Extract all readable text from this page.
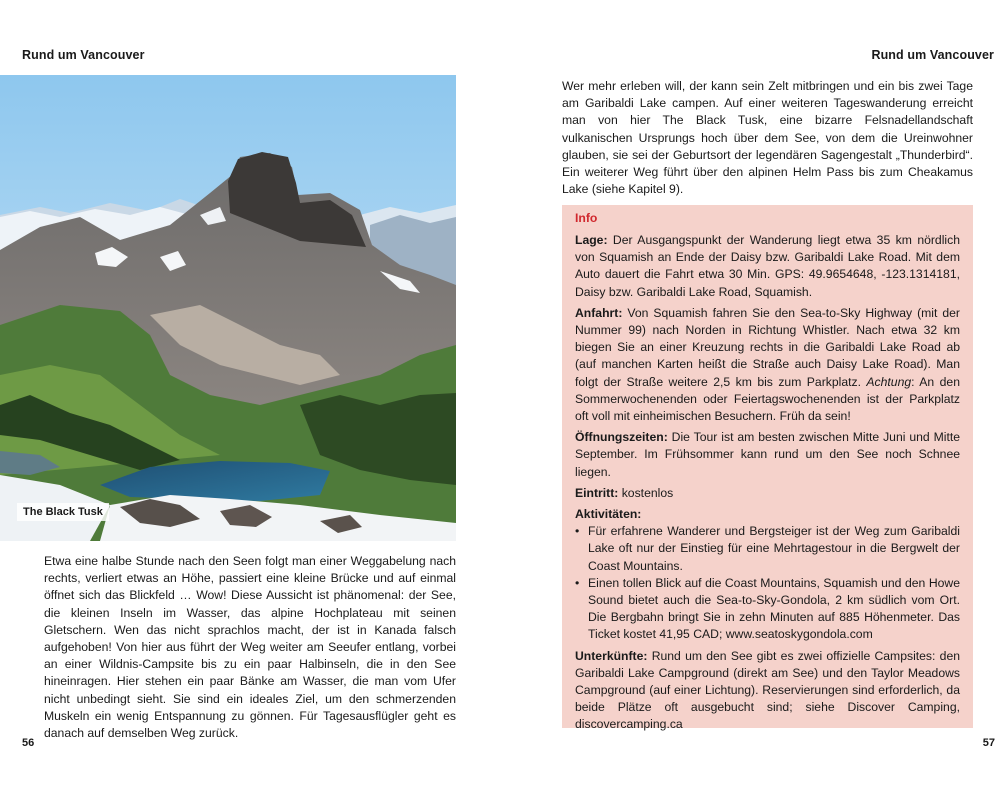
Rund um Vancouver	Rund um Vancouver
The Black Tusk

Etwa eine halbe Stunde nach den Seen folgt man einer Weggabelung nach rechts, verliert etwas an Höhe, passiert eine kleine Brücke und auf einmal öffnet sich das Blickfeld … Wow! Diese Aussicht ist phänomenal: der See, die kleinen Inseln im Wasser, das alpine Hochplateau mit seinen Gletschern. Wen das nicht sprachlos macht, der ist in Kanada falsch aufgehoben! Von hier aus führt der Weg weiter am Seeufer entlang, vorbei an einer Wildnis-Campsite bis zu ein paar Halbinseln, die in den See hineinragen. Hier stehen ein paar Bänke am Wasser, die man vom Ufer nicht unbedingt sieht. Sie sind ein ideales Ziel, um den schmerzenden Muskeln ein wenig Entspannung zu gönnen. Für Tagesausflügler geht es danach auf demselben Weg zurück.

Wer mehr erleben will, der kann sein Zelt mitbringen und ein bis zwei Tage am Garibaldi Lake campen. Auf einer weiteren Tageswanderung erreicht man von hier The Black Tusk, eine bizarre Felsnadellandschaft vulkanischen Ursprungs hoch über dem See, von dem die Ureinwohner glauben, sie sei der Geburtsort der legendären Sagengestalt „Thunderbird“. Ein weiterer Weg führt über den alpinen Helm Pass bis zum Cheakamus Lake (siehe Kapitel 9).

Info

Lage: Der Ausgangspunkt der Wanderung liegt etwa 35 km nördlich von Squamish an Ende der Daisy bzw. Garibaldi Lake Road. Mit dem Auto dauert die Fahrt etwa 30 Min. GPS: 49.9654648, -123.1314181, Daisy bzw. Garibaldi Lake Road, Squamish.

Anfahrt: Von Squamish fahren Sie den Sea-to-Sky Highway (mit der Nummer 99) nach Norden in Richtung Whistler. Nach etwa 32 km biegen Sie an einer Kreuzung rechts in die Garibaldi Lake Road ab (auf manchen Karten heißt die Straße auch Daisy Lake Road). Man folgt der Straße weitere 2,5 km bis zum Parkplatz. Achtung: An den Sommerwochenenden oder Feiertagswochenenden ist der Parkplatz oft voll mit einheimischen Besuchern. Früh da sein!

Öffnungszeiten: Die Tour ist am besten zwischen Mitte Juni und Mitte September. Im Frühsommer kann rund um den See noch Schnee liegen.

Eintritt: kostenlos

Aktivitäten:
• Für erfahrene Wanderer und Bergsteiger ist der Weg zum Garibaldi Lake oft nur der Einstieg für eine Mehrtagestour in die Bergwelt der Coast Mountains.
• Einen tollen Blick auf die Coast Mountains, Squamish und den Howe Sound bietet auch die Sea-to-Sky-Gondola, 2 km südlich vom Ort. Die Bergbahn bringt Sie in zehn Minuten auf 885 Höhenmeter. Das Ticket kostet 41,95 CAD; www.seatoskygondola.com

Unterkünfte: Rund um den See gibt es zwei offizielle Campsites: den Garibaldi Lake Campground (direkt am See) und den Taylor Meadows Campground (auf einer Lichtung). Reservierungen sind erforderlich, da beide Plätze oft ausgebucht sind; siehe Discover Camping, discovercamping.ca

56	57
